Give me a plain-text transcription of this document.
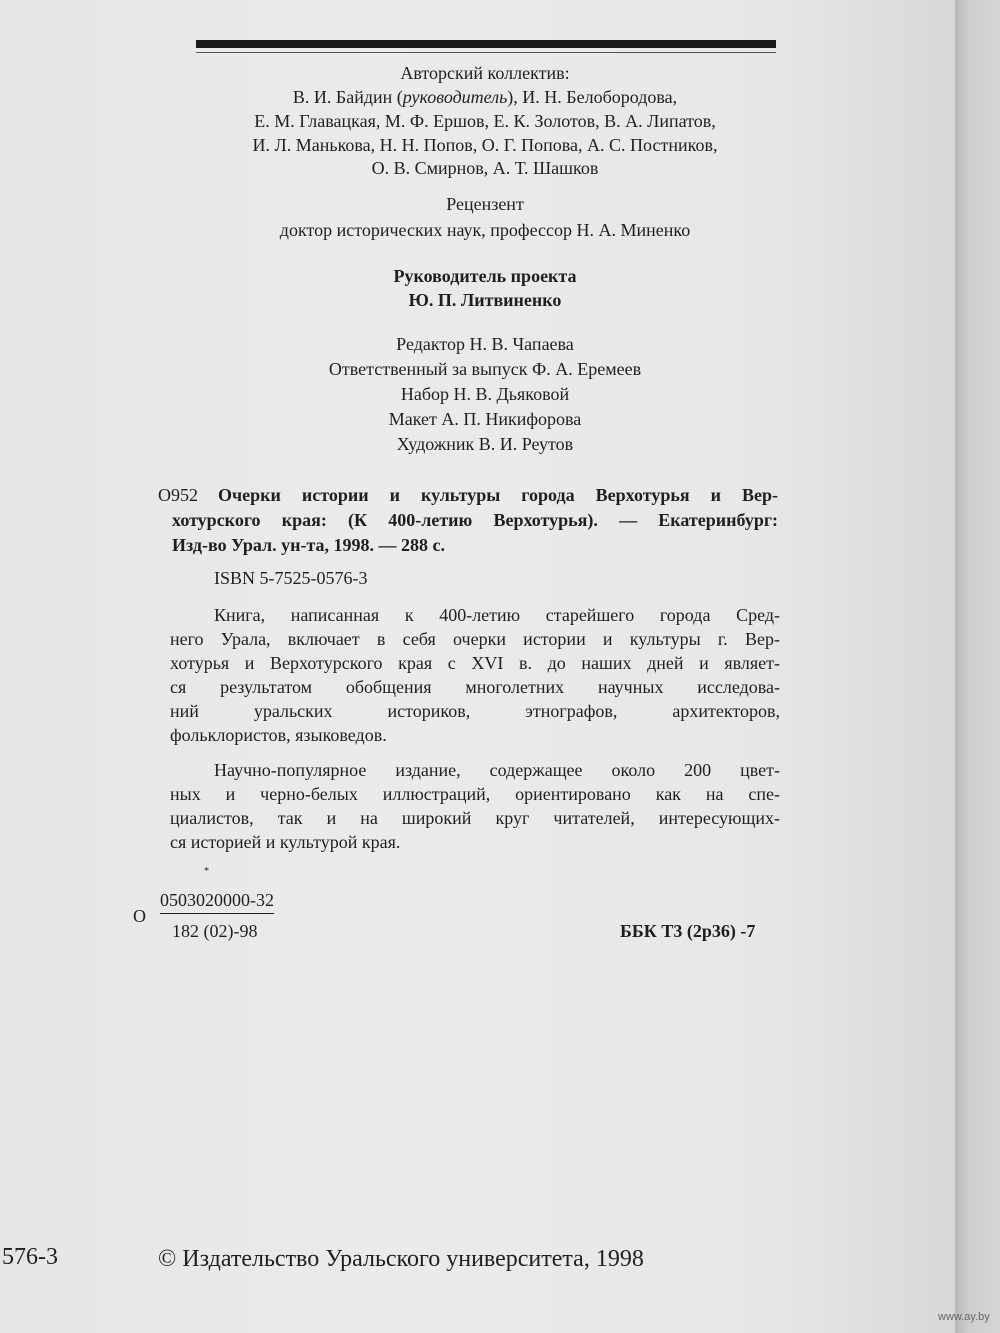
Авторский коллектив:
В. И. Байдин (руководитель), И. Н. Белобородова,
Е. М. Главацкая, М. Ф. Ершов, Е. К. Золотов, В. А. Липатов,
И. Л. Манькова, Н. Н. Попов, О. Г. Попова, А. С. Постников,
О. В. Смирнов, А. Т. Шашков
Рецензент
доктор исторических наук, профессор Н. А. Миненко
Руководитель проекта
Ю. П. Литвиненко
Редактор Н. В. Чапаева
Ответственный за выпуск Ф. А. Еремеев
Набор Н. В. Дьяковой
Макет А. П. Никифорова
Художник В. И. Реутов
О952 Очерки истории и культуры города Верхотурья и Вер-
хотурского края: (К 400-летию Верхотурья). — Екатеринбург:
Изд-во Урал. ун-та, 1998. — 288 с.
ISBN 5-7525-0576-3
Книга, написанная к 400-летию старейшего города Сред-
него Урала, включает в себя очерки истории и культуры г. Вер-
хотурья и Верхотурского края с XVI в. до наших дней и являет-
ся результатом обобщения многолетних научных исследова-
ний уральских историков, этнографов, архитекторов,
фольклористов, языковедов.
Научно-популярное издание, содержащее около 200 цвет-
ных и черно-белых иллюстраций, ориентировано как на спе-
циалистов, так и на широкий круг читателей, интересующих-
ся историей и культурой края.
*
О
0503020000-32
182 (02)-98	ББК Т3 (2р36) -7
576-3	© Издательство Уральского университета, 1998
www.ay.by
